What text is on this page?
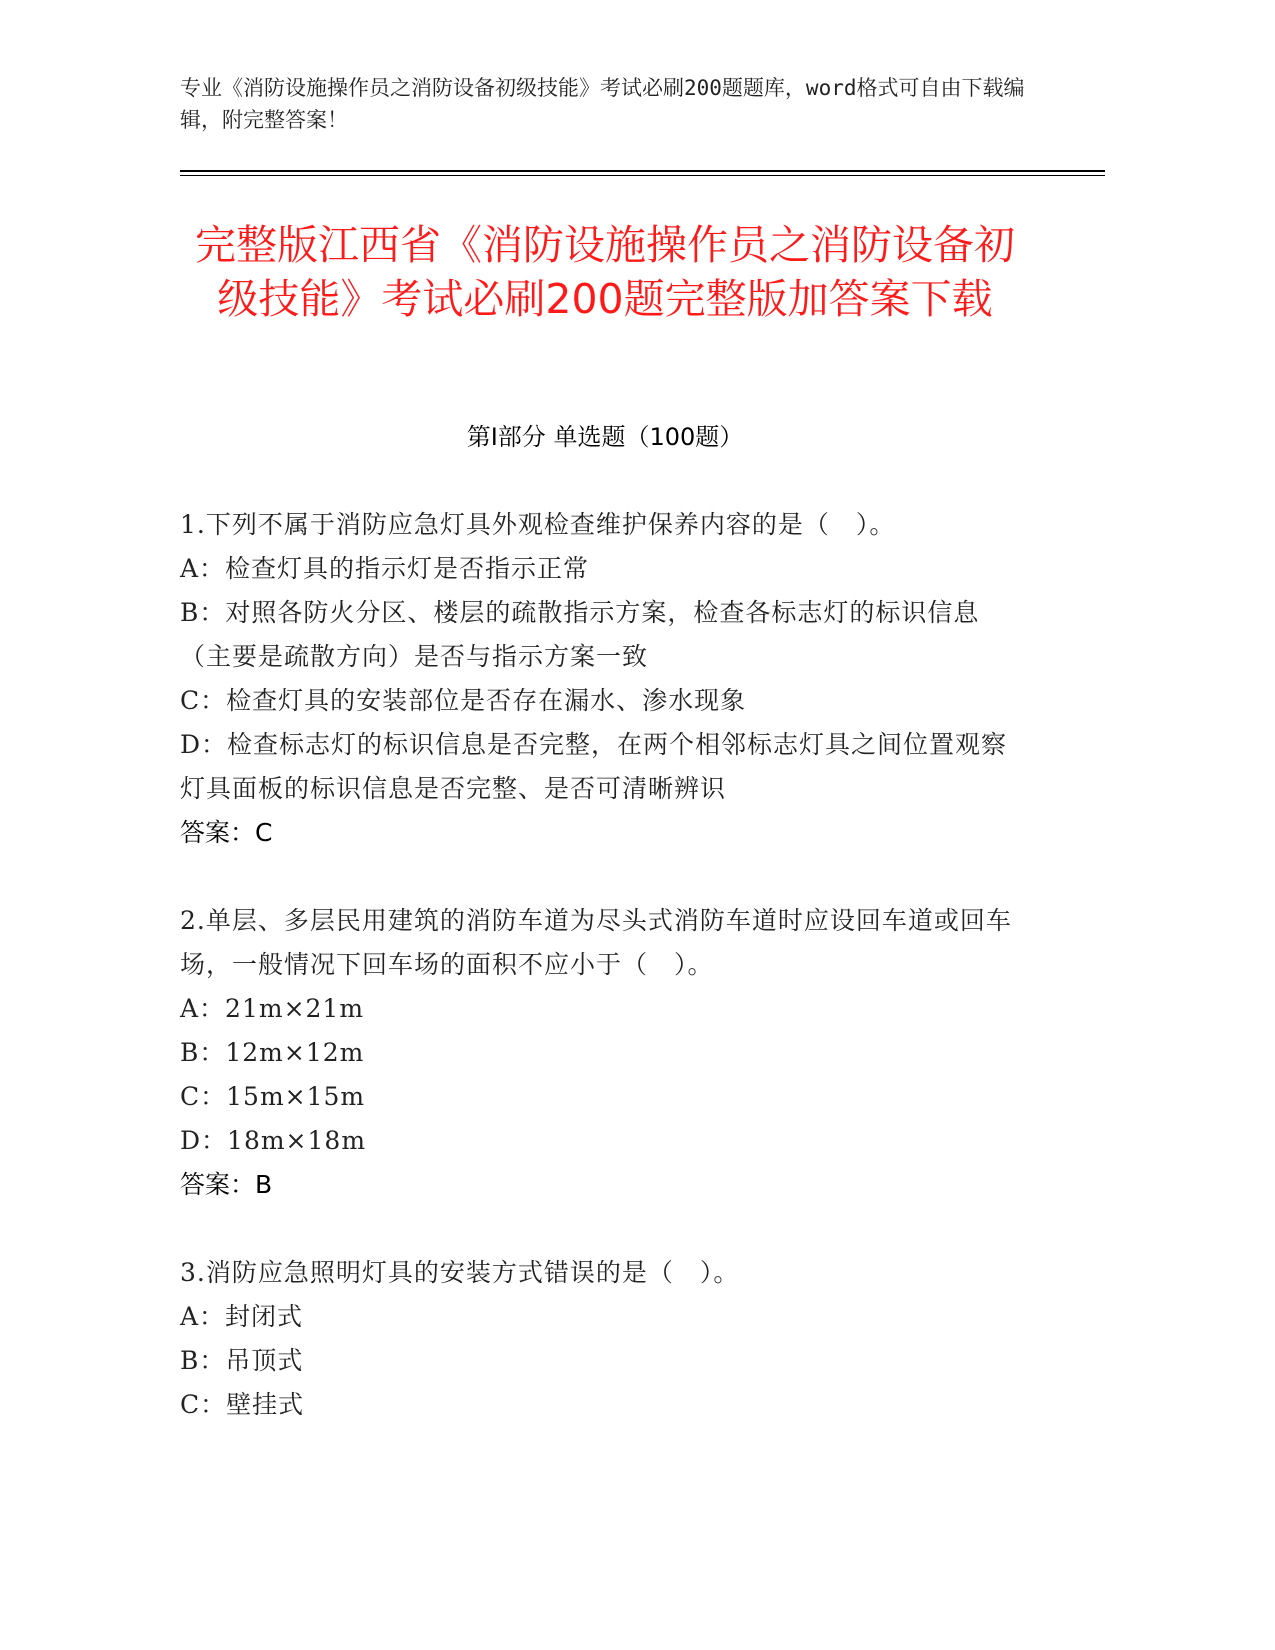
专业《消防设施操作员之消防设备初级技能》考试必刷200题题库，word格式可自由下载编辑，附完整答案！
完整版江西省《消防设施操作员之消防设备初级技能》考试必刷200题完整版加答案下载
第Ⅰ部分 单选题（100题）
1.下列不属于消防应急灯具外观检查维护保养内容的是（　）。
A：检查灯具的指示灯是否指示正常
B：对照各防火分区、楼层的疏散指示方案，检查各标志灯的标识信息（主要是疏散方向）是否与指示方案一致
C：检查灯具的安装部位是否存在漏水、渗水现象
D：检查标志灯的标识信息是否完整，在两个相邻标志灯具之间位置观察灯具面板的标识信息是否完整、是否可清晰辨识
答案：C
2.单层、多层民用建筑的消防车道为尽头式消防车道时应设回车道或回车场，一般情况下回车场的面积不应小于（　）。
A：21m×21m
B：12m×12m
C：15m×15m
D：18m×18m
答案：B
3.消防应急照明灯具的安装方式错误的是（　）。
A：封闭式
B：吊顶式
C：壁挂式
